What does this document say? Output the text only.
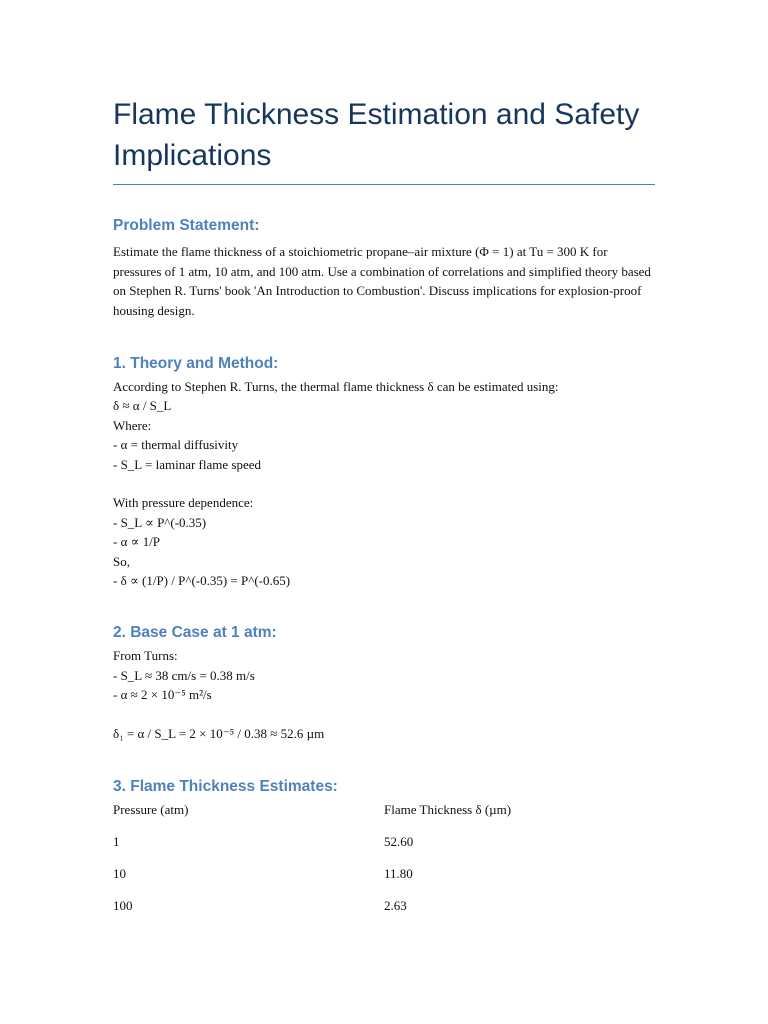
Flame Thickness Estimation and Safety Implications
Problem Statement:

Estimate the flame thickness of a stoichiometric propane–air mixture (Φ = 1) at Tu = 300 K for pressures of 1 atm, 10 atm, and 100 atm. Use a combination of correlations and simplified theory based on Stephen R. Turns' book 'An Introduction to Combustion'. Discuss implications for explosion-proof housing design.

1. Theory and Method:
According to Stephen R. Turns, the thermal flame thickness δ can be estimated using:
δ ≈ α / S_L
Where:
- α = thermal diffusivity
- S_L = laminar flame speed
With pressure dependence:
- S_L ∝ P^(-0.35)
- α ∝ 1/P
So,
- δ ∝ (1/P) / P^(-0.35) = P^(-0.65)
2. Base Case at 1 atm:
From Turns:
- S_L ≈ 38 cm/s = 0.38 m/s
- α ≈ 2 × 10⁻⁵ m²/s
δ₁ = α / S_L = 2 × 10⁻⁵ / 0.38 ≈ 52.6 µm
3. Flame Thickness Estimates:
Pressure (atm)	Flame Thickness δ (µm)
1	52.60
10	11.80
100	2.63
